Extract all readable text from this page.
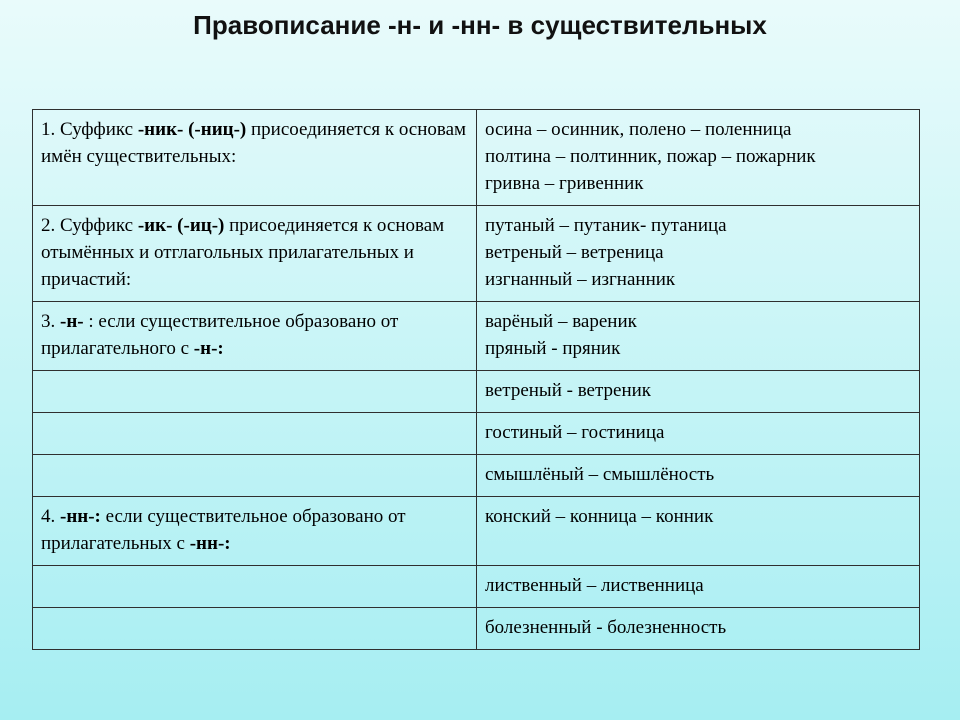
Правописание -н- и -нн- в существительных
1. Суффикс -ник- (-ниц-) присоединяется к основам имён существительных:	осина – осинник, полено – поленница
полтина – полтинник, пожар – пожарник
гривна – гривенник

2. Суффикс -ик- (-иц-) присоединяется к основам отымённых и отглагольных прилагательных и причастий:	путаный – путаник- путаница
ветреный – ветреница
изгнанный – изгнанник

3. -н- : если существительное образовано от прилагательного с -н-:	варёный – вареник
пряный - пряник

	ветреный - ветреник

	гостиный – гостиница

	смышлёный – смышлёность

4. -нн-: если существительное образовано от прилагательных с -нн-:	конский – конница – конник

	лиственный – лиственница

	болезненный - болезненность
